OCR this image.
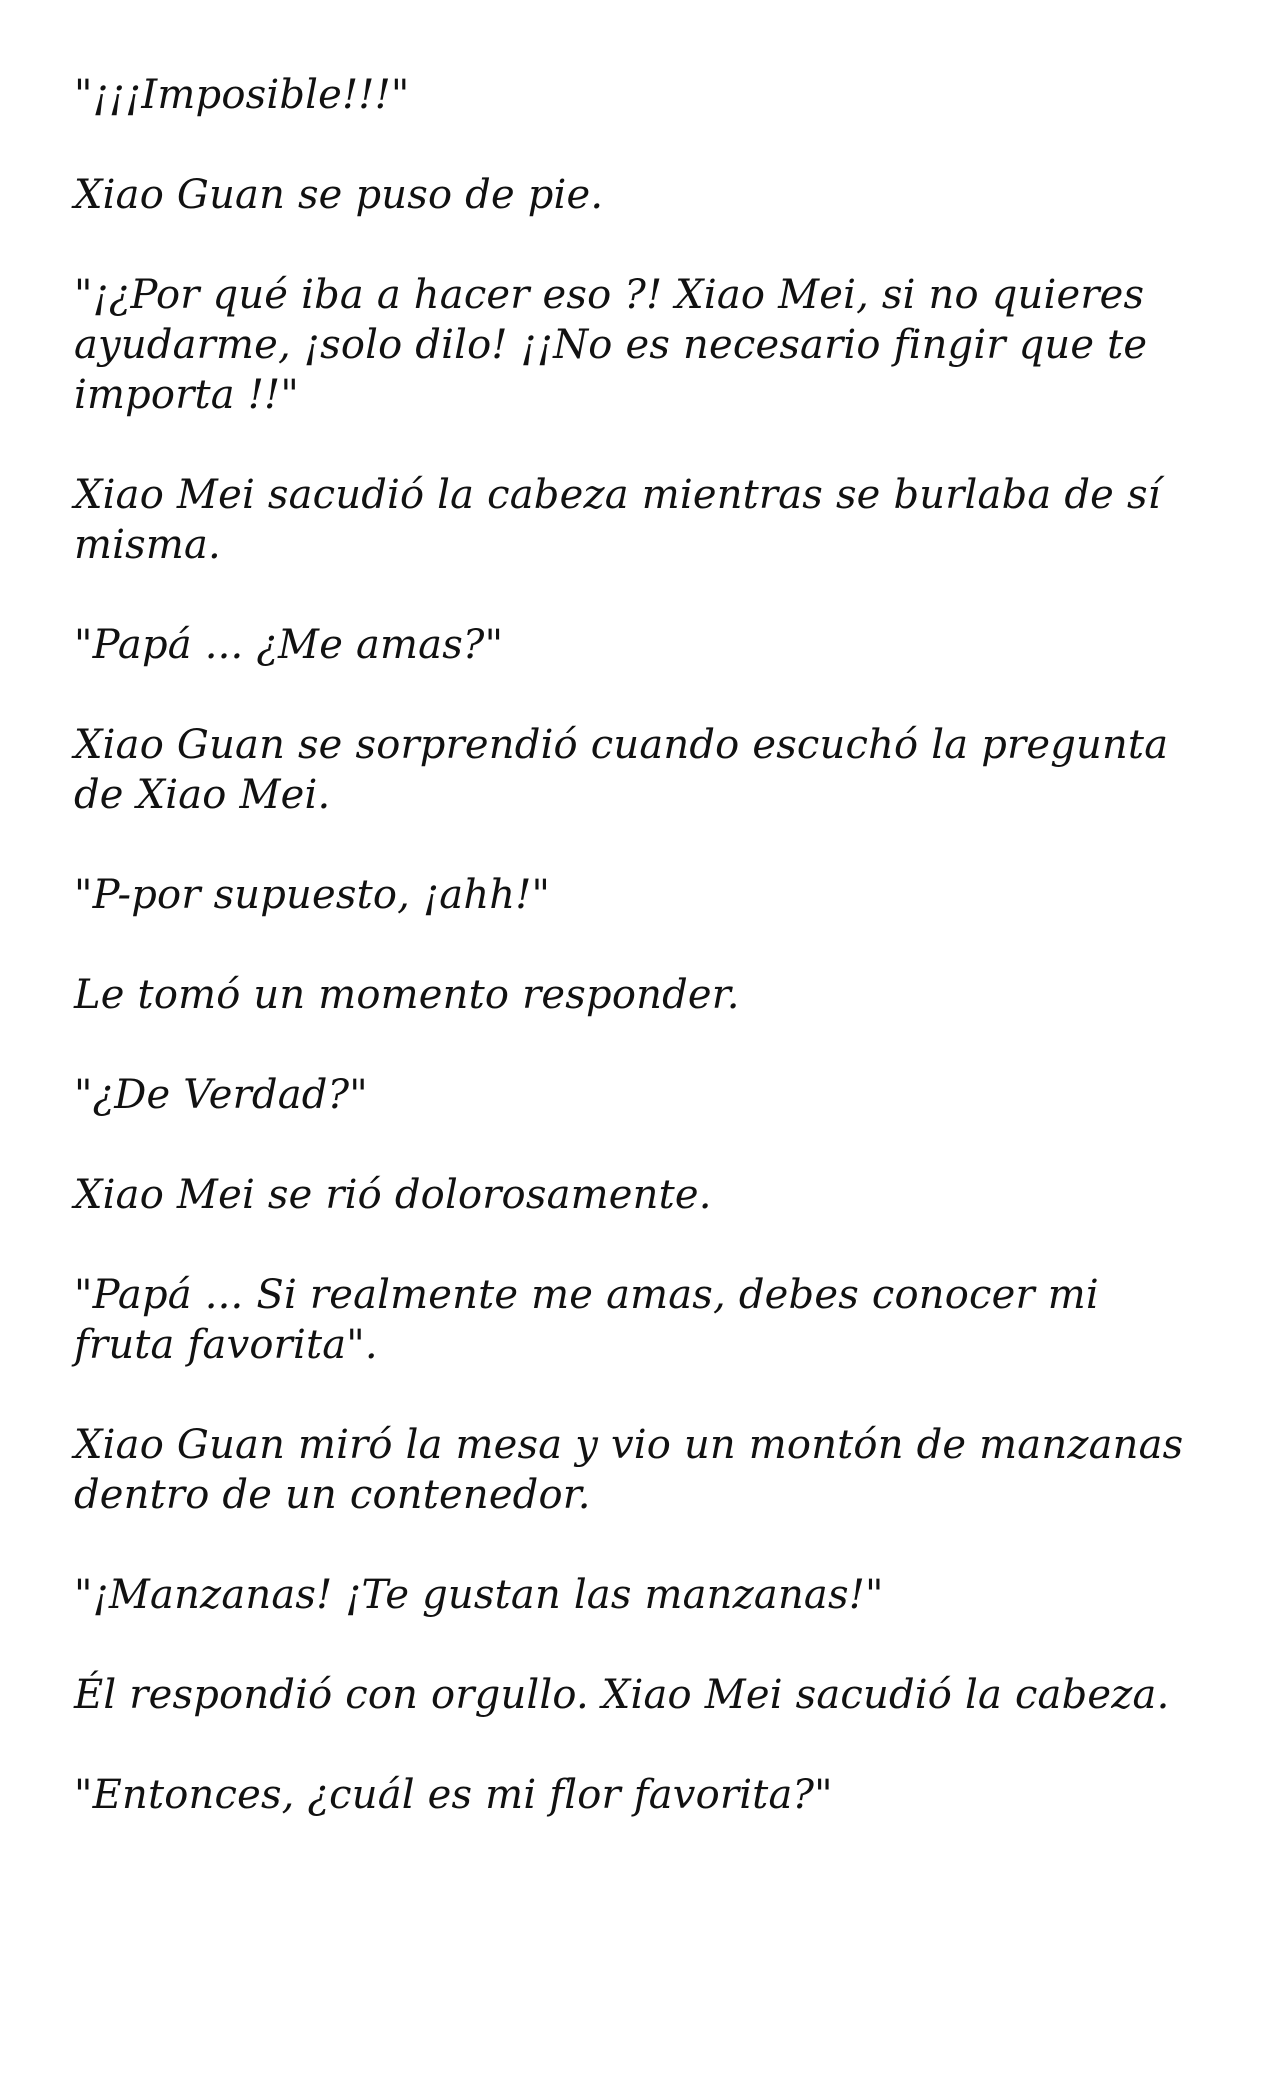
"¡¡¡Imposible!!!"

Xiao Guan se puso de pie.

"¡¿Por qué iba a hacer eso ?! Xiao Mei, si no quieres ayudarme, ¡solo dilo! ¡¡No es necesario fingir que te importa !!"

Xiao Mei sacudió la cabeza mientras se burlaba de sí misma.

"Papá ... ¿Me amas?"

Xiao Guan se sorprendió cuando escuchó la pregunta de Xiao Mei.

"P-por supuesto, ¡ahh!"

Le tomó un momento responder.

"¿De Verdad?"

Xiao Mei se rió dolorosamente.

"Papá ... Si realmente me amas, debes conocer mi fruta favorita".

Xiao Guan miró la mesa y vio un montón de manzanas dentro de un contenedor.

"¡Manzanas! ¡Te gustan las manzanas!"

Él respondió con orgullo. Xiao Mei sacudió la cabeza.

"Entonces, ¿cuál es mi flor favorita?"
